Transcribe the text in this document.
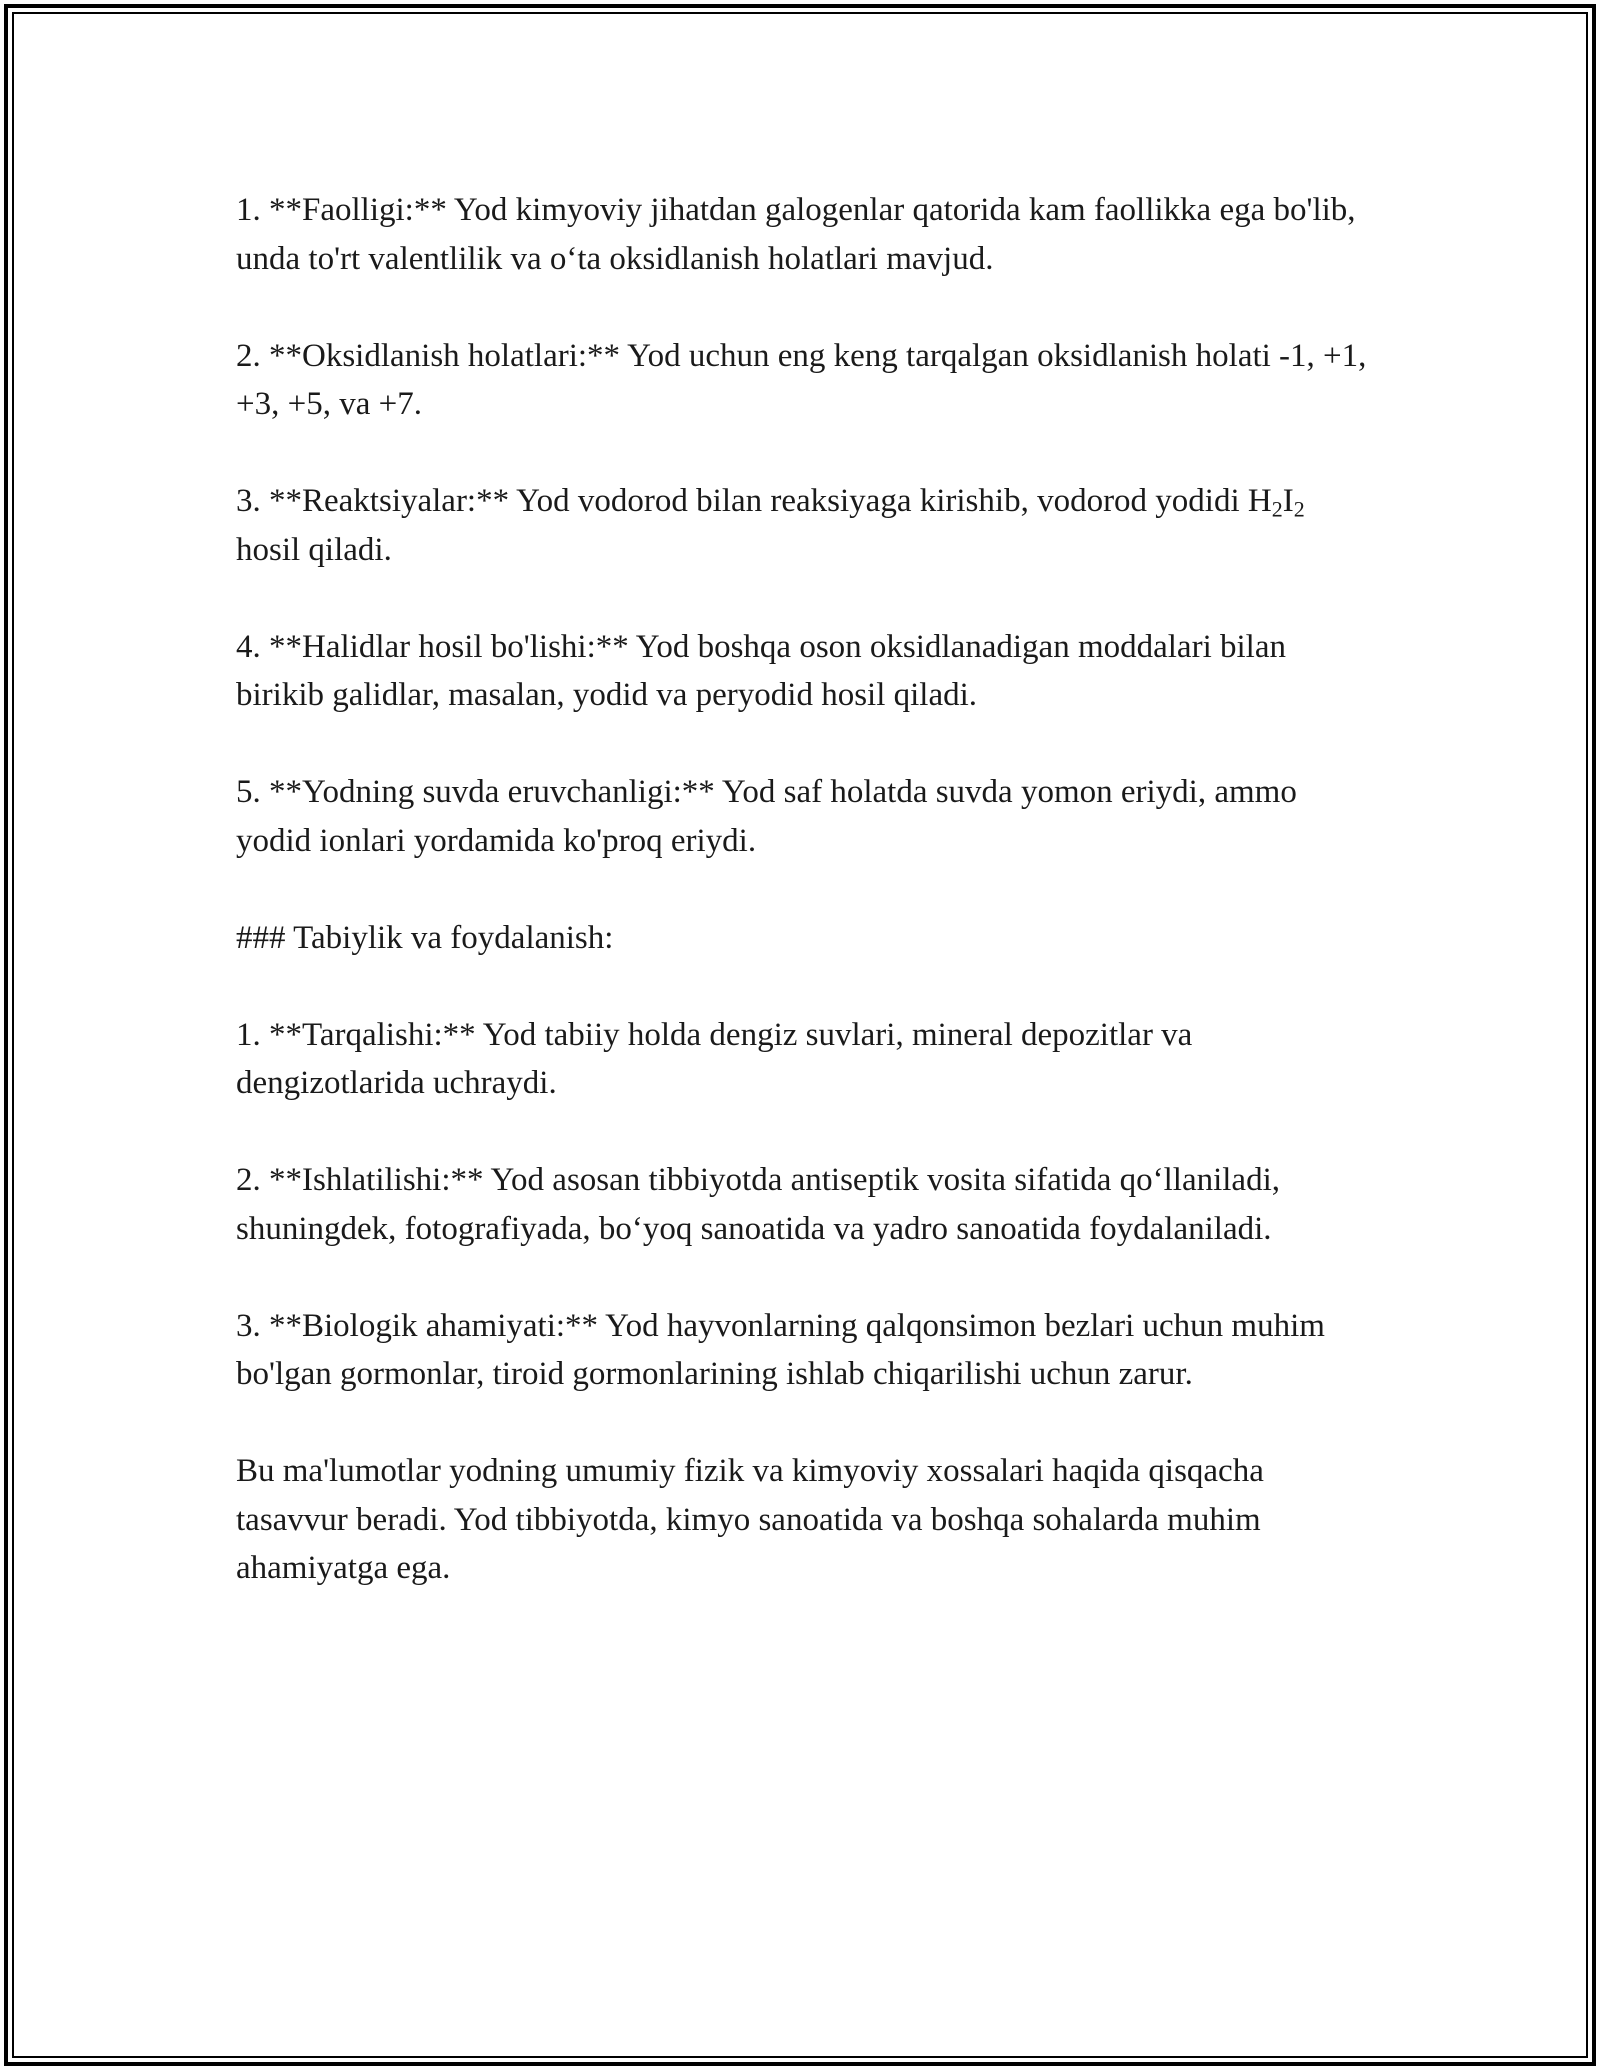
1. **Faolligi:** Yod kimyoviy jihatdan galogenlar qatorida kam faollikka ega bo'lib, unda to'rt valentlilik va o‘ta oksidlanish holatlari mavjud.

2. **Oksidlanish holatlari:** Yod uchun eng keng tarqalgan oksidlanish holati -1, +1, +3, +5, va +7.

3. **Reaktsiyalar:** Yod vodorod bilan reaksiyaga kirishib, vodorod yodidi $H_2I_2$ hosil qiladi.

4. **Halidlar hosil bo'lishi:** Yod boshqa oson oksidlanadigan moddalari bilan birikib galidlar, masalan, yodid va peryodid hosil qiladi.

5. **Yodning suvda eruvchanligi:** Yod saf holatda suvda yomon eriydi, ammo yodid ionlari yordamida ko'proq eriydi.

### Tabiylik va foydalanish:

1. **Tarqalishi:** Yod tabiiy holda dengiz suvlari, mineral depozitlar va dengizotlarida uchraydi.

2. **Ishlatilishi:** Yod asosan tibbiyotda antiseptik vosita sifatida qo‘llaniladi, shuningdek, fotografiyada, bo‘yoq sanoatida va yadro sanoatida foydalaniladi.

3. **Biologik ahamiyati:** Yod hayvonlarning qalqonsimon bezlari uchun muhim bo'lgan gormonlar, tiroid gormonlarining ishlab chiqarilishi uchun zarur.

Bu ma'lumotlar yodning umumiy fizik va kimyoviy xossalari haqida qisqacha tasavvur beradi. Yod tibbiyotda, kimyo sanoatida va boshqa sohalarda muhim ahamiyatga ega.
